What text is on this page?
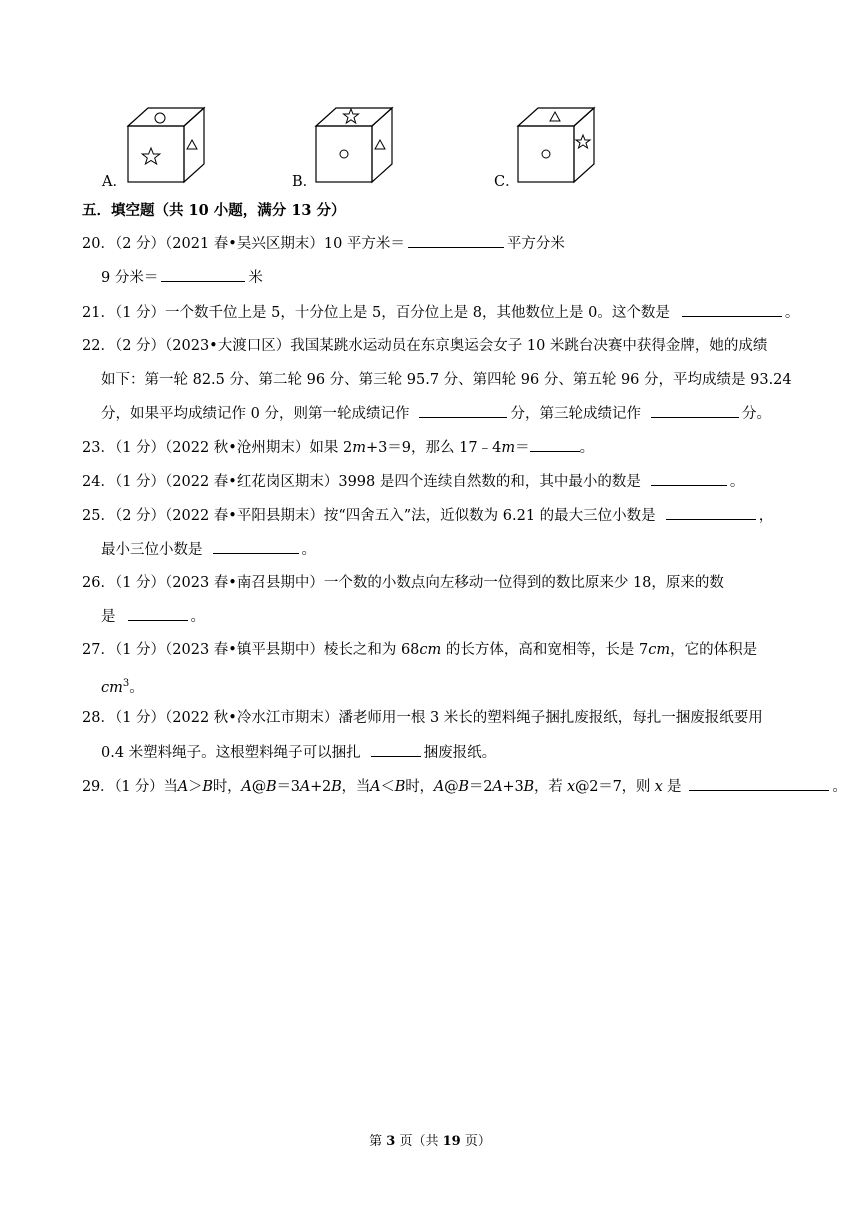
A．	B．	C．
五．填空题（共 10 小题，满分 13 分）
20．（2 分）（2021 春•吴兴区期末）10 平方米＝	平方分米
9 分米＝	米
21．（1 分）一个数千位上是 5，十分位上是 5，百分位上是 8，其他数位上是 0。这个数是	。
22．（2 分）（2023•大渡口区）我国某跳水运动员在东京奥运会女子 10 米跳台决赛中获得金牌，她的成绩
如下：第一轮 82.5 分、第二轮 96 分、第三轮 95.7 分、第四轮 96 分、第五轮 96 分，平均成绩是 93.24
分，如果平均成绩记作 0 分，则第一轮成绩记作	分，第三轮成绩记作	分。
23．（1 分）（2022 秋•沧州期末）如果 2m+3＝9，那么 17﹣4m＝	。
24．（1 分）（2022 春•红花岗区期末）3998 是四个连续自然数的和，其中最小的数是	。
25．（2 分）（2022 春•平阳县期末）按“四舍五入”法，近似数为 6.21 的最大三位小数是	，
最小三位小数是	。
26．（1 分）（2023 春•南召县期中）一个数的小数点向左移动一位得到的数比原来少 18，原来的数
是	。
27．（1 分）（2023 春•镇平县期中）棱长之和为 68cm 的长方体，高和宽相等，长是 7cm，它的体积是
$cm^3$。
28．（1 分）（2022 秋•冷水江市期末）潘老师用一根 3 米长的塑料绳子捆扎废报纸，每扎一捆废报纸要用
0.4 米塑料绳子。这根塑料绳子可以捆扎	捆废报纸。
29．（1 分）当A＞B时，A@B＝3A+2B，当A＜B时，A@B＝2A+3B，若 x@2＝7，则 x 是	。
第 3 页（共 19 页）
